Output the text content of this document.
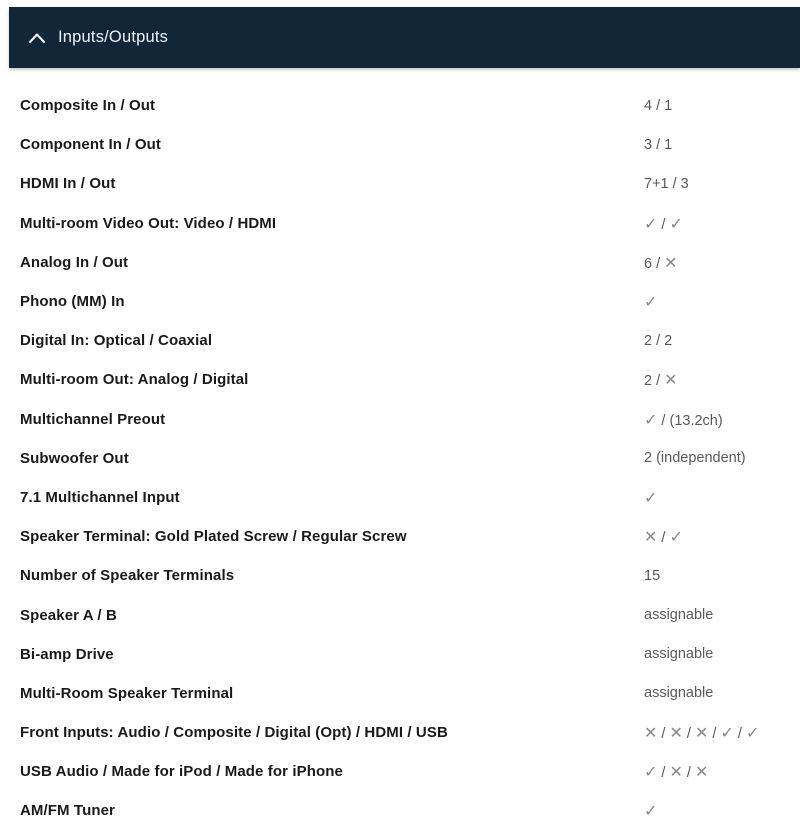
Inputs/Outputs
Composite In / Out	4 / 1
Component In / Out	3 / 1
HDMI In / Out	7+1 / 3
Multi-room Video Out: Video / HDMI	✓ / ✓
Analog In / Out	6 / ✕
Phono (MM) In	✓
Digital In: Optical / Coaxial	2 / 2
Multi-room Out: Analog / Digital	2 / ✕
Multichannel Preout	✓ / (13.2ch)
Subwoofer Out	2 (independent)
7.1 Multichannel Input	✓
Speaker Terminal: Gold Plated Screw / Regular Screw	✕ / ✓
Number of Speaker Terminals	15
Speaker A / B	assignable
Bi-amp Drive	assignable
Multi-Room Speaker Terminal	assignable
Front Inputs: Audio / Composite / Digital (Opt) / HDMI / USB	✕ / ✕ / ✕ / ✓ / ✓
USB Audio / Made for iPod / Made for iPhone	✓ / ✕ / ✕
AM/FM Tuner	✓
